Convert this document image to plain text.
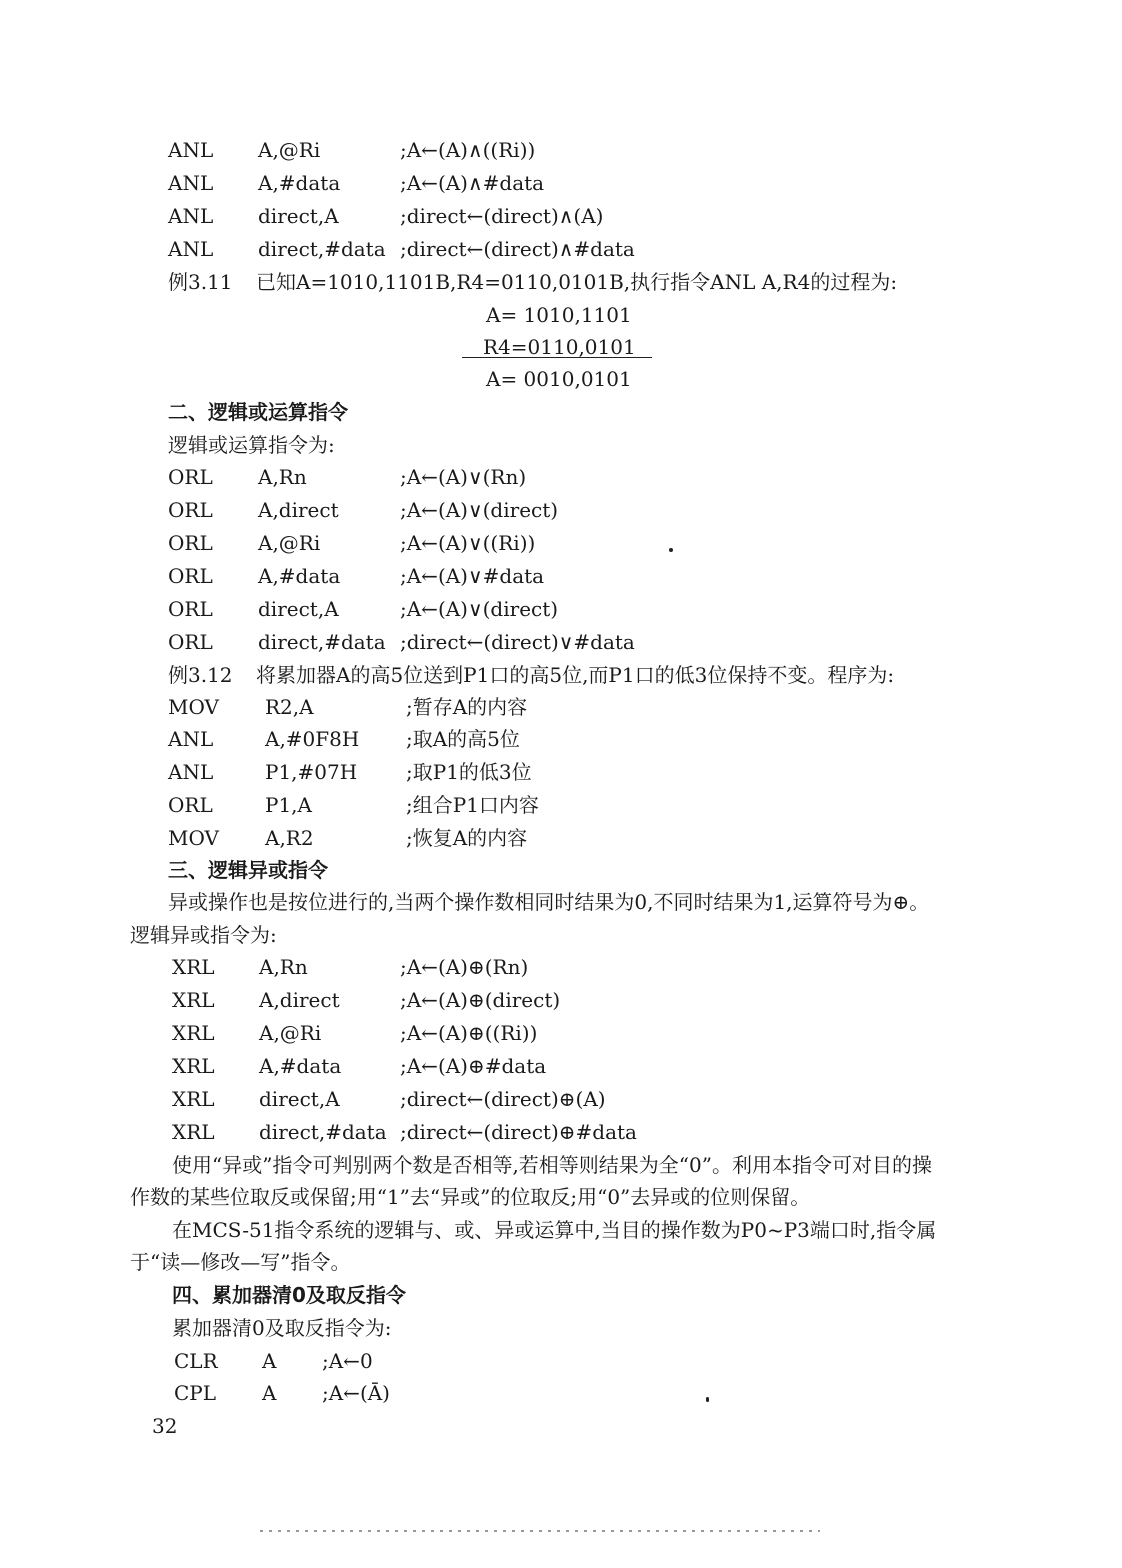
ANL A,@Ri	;A←(A)∧((Ri))
ANL A,#data	;A←(A)∧#data
ANL direct,A	;direct←(direct)∧(A)
ANL direct,#data ;direct←(direct)∧#data
例3.11 已知A=1010,1101B,R4=0110,0101B,执行指令ANL A,R4的过程为:
A= 1010,1101
R4=0110,0101
A= 0010,0101
二、逻辑或运算指令
逻辑或运算指令为:
ORL A,Rn	;A←(A)∨(Rn)
ORL A,direct	;A←(A)∨(direct)
ORL A,@Ri	;A←(A)∨((Ri))
ORL A,#data	;A←(A)∨#data
ORL direct,A	;A←(A)∨(direct)
ORL direct,#data ;direct←(direct)∨#data
例3.12 将累加器A的高5位送到P1口的高5位,而P1口的低3位保持不变。程序为:
MOV R2,A	;暂存A的内容
ANL	A,#0F8H ;取A的高5位
ANL	P1,#07H ;取P1的低3位
ORL	P1,A	;组合P1口内容
MOV A,R2	;恢复A的内容
三、逻辑异或指令
异或操作也是按位进行的,当两个操作数相同时结果为0,不同时结果为1,运算符号为⊕。
逻辑异或指令为:
XRL A,Rn	;A←(A)⊕(Rn)
XRL A,direct	;A←(A)⊕(direct)
XRL A,@Ri	;A←(A)⊕((Ri))
XRL A,#data	;A←(A)⊕#data
XRL direct,A	;direct←(direct)⊕(A)
XRL direct,#data ;direct←(direct)⊕#data
使用“异或”指令可判别两个数是否相等,若相等则结果为全“0”。利用本指令可对目的操
作数的某些位取反或保留;用“1”去“异或”的位取反;用“0”去异或的位则保留。
在MCS-51指令系统的逻辑与、或、异或运算中,当目的操作数为P0~P3端口时,指令属
于“读—修改—写”指令。
四、累加器清0及取反指令
累加器清0及取反指令为:
CLR A ;A←0
CPL A ;A←(Ā)
32
